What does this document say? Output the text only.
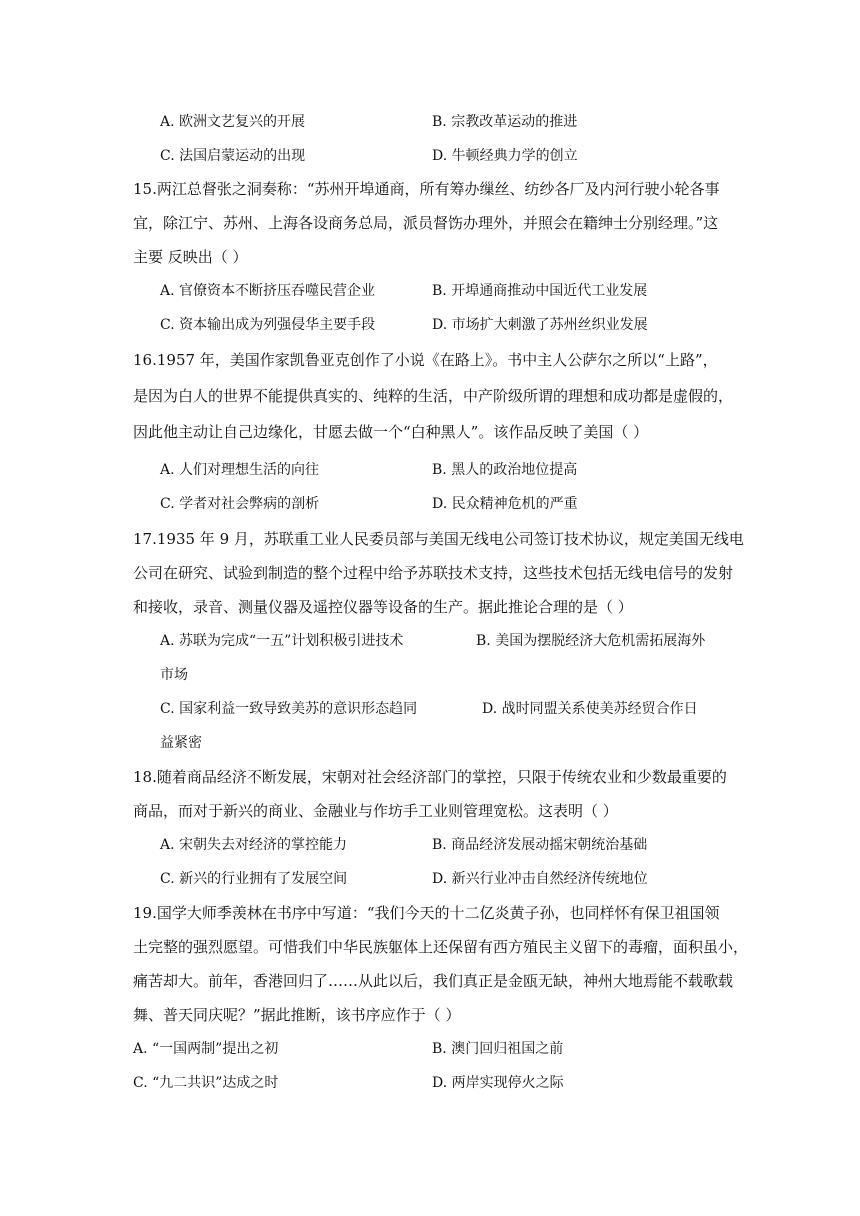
A. 欧洲文艺复兴的开展	B. 宗教改革运动的推进
C. 法国启蒙运动的出现	D. 牛顿经典力学的创立
15.两江总督张之洞奏称：“苏州开埠通商，所有筹办缫丝、纺纱各厂及内河行驶小轮各事
宜，除江宁、苏州、上海各设商务总局，派员督饬办理外，并照会在籍绅士分别经理。”这
主要 反映出（ ）
A. 官僚资本不断挤压吞噬民营企业	B. 开埠通商推动中国近代工业发展
C. 资本输出成为列强侵华主要手段	D. 市场扩大刺激了苏州丝织业发展
16.1957 年，美国作家凯鲁亚克创作了小说《在路上》。书中主人公萨尔之所以“上路”，
是因为白人的世界不能提供真实的、纯粹的生活，中产阶级所谓的理想和成功都是虚假的，
因此他主动让自己边缘化，甘愿去做一个“白种黑人”。该作品反映了美国（ ）
A. 人们对理想生活的向往	B. 黑人的政治地位提高
C. 学者对社会弊病的剖析	D. 民众精神危机的严重
17.1935 年 9 月，苏联重工业人民委员部与美国无线电公司签订技术协议，规定美国无线电
公司在研究、试验到制造的整个过程中给予苏联技术支持，这些技术包括无线电信号的发射
和接收，录音、测量仪器及遥控仪器等设备的生产。据此推论合理的是（ ）
A. 苏联为完成“一五”计划积极引进技术	B. 美国为摆脱经济大危机需拓展海外
市场
C. 国家利益一致导致美苏的意识形态趋同	D. 战时同盟关系使美苏经贸合作日
益紧密
18.随着商品经济不断发展，宋朝对社会经济部门的掌控，只限于传统农业和少数最重要的
商品，而对于新兴的商业、金融业与作坊手工业则管理宽松。这表明（ ）
A. 宋朝失去对经济的掌控能力	B. 商品经济发展动摇宋朝统治基础
C. 新兴的行业拥有了发展空间	D. 新兴行业冲击自然经济传统地位
19.国学大师季羡林在书序中写道：“我们今天的十二亿炎黄子孙，也同样怀有保卫祖国领
土完整的强烈愿望。可惜我们中华民族躯体上还保留有西方殖民主义留下的毒瘤，面积虽小，
痛苦却大。前年，香港回归了……从此以后，我们真正是金瓯无缺，神州大地焉能不载歌载
舞、普天同庆呢？”据此推断，该书序应作于（ ）
A. “一国两制”提出之初	B. 澳门回归祖国之前
C. “九二共识”达成之时	D. 两岸实现停火之际
